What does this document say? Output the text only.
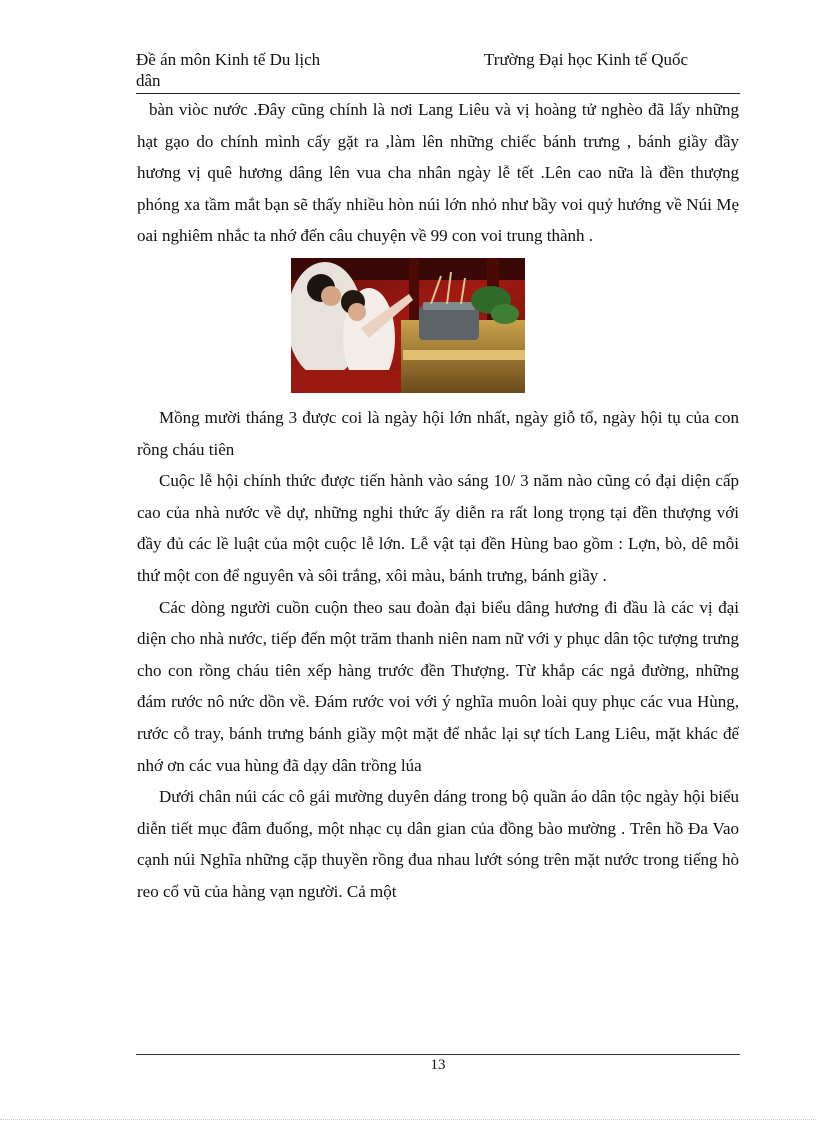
Đề án môn Kinh tế Du lịch	Trường Đại học Kinh tế Quốc
dân

bàn viòc nước .Đây cũng chính là nơi Lang Liêu và vị hoàng tử nghèo đã lấy những hạt gạo do chính mình cấy gặt ra ,làm lên những chiếc bánh trưng , bánh giầy đầy hương vị quê hương dâng lên vua cha nhân ngày lễ tết .Lên cao nữa là đền thượng phóng xa tầm mắt bạn sẽ thấy nhiều hòn núi lớn nhỏ như bầy voi quỷ hướng về Núi Mẹ oai nghiêm nhắc ta nhớ đến câu chuyện về 99 con voi trung thành .

Mồng mười tháng 3 được coi là ngày hội lớn nhất, ngày giỗ tổ, ngày hội tụ của con rồng cháu tiên

Cuộc lễ hội chính thức được tiến hành vào sáng 10/ 3 năm nào cũng có đại diện cấp cao của nhà nước về dự, những nghi thức ấy diễn ra rất long trọng tại đền thượng với đầy đủ các lề luật của một cuộc lễ lớn. Lễ vật tại đền Hùng bao gồm : Lợn, bò, dê mỗi thứ một con để nguyên và sôi trắng, xôi màu, bánh trưng, bánh giầy .

Các dòng người cuồn cuộn theo sau đoàn đại biểu dâng hương đi đầu là các vị đại diện cho nhà nước, tiếp đến một trăm thanh niên nam nữ với y phục dân tộc tượng trưng cho con rồng cháu tiên xếp hàng trước đền Thượng. Từ khắp các ngả đường, những đám rước nô nức dồn về. Đám rước voi với ý nghĩa muôn loài quy phục các vua Hùng, rước cỗ tray, bánh trưng bánh giầy một mặt để nhắc lại sự tích Lang Liêu, mặt khác để nhớ ơn các vua hùng đã dạy dân trồng lúa

Dưới chân núi các cô gái mường duyên dáng trong bộ quần áo dân tộc ngày hội biểu diễn tiết mục đâm đuống, một nhạc cụ dân gian của đồng bào mường . Trên hồ Đa Vao cạnh núi Nghĩa những cặp thuyền rồng đua nhau lướt sóng trên mặt nước trong tiếng hò reo cổ vũ của hàng vạn người. Cả một

13
